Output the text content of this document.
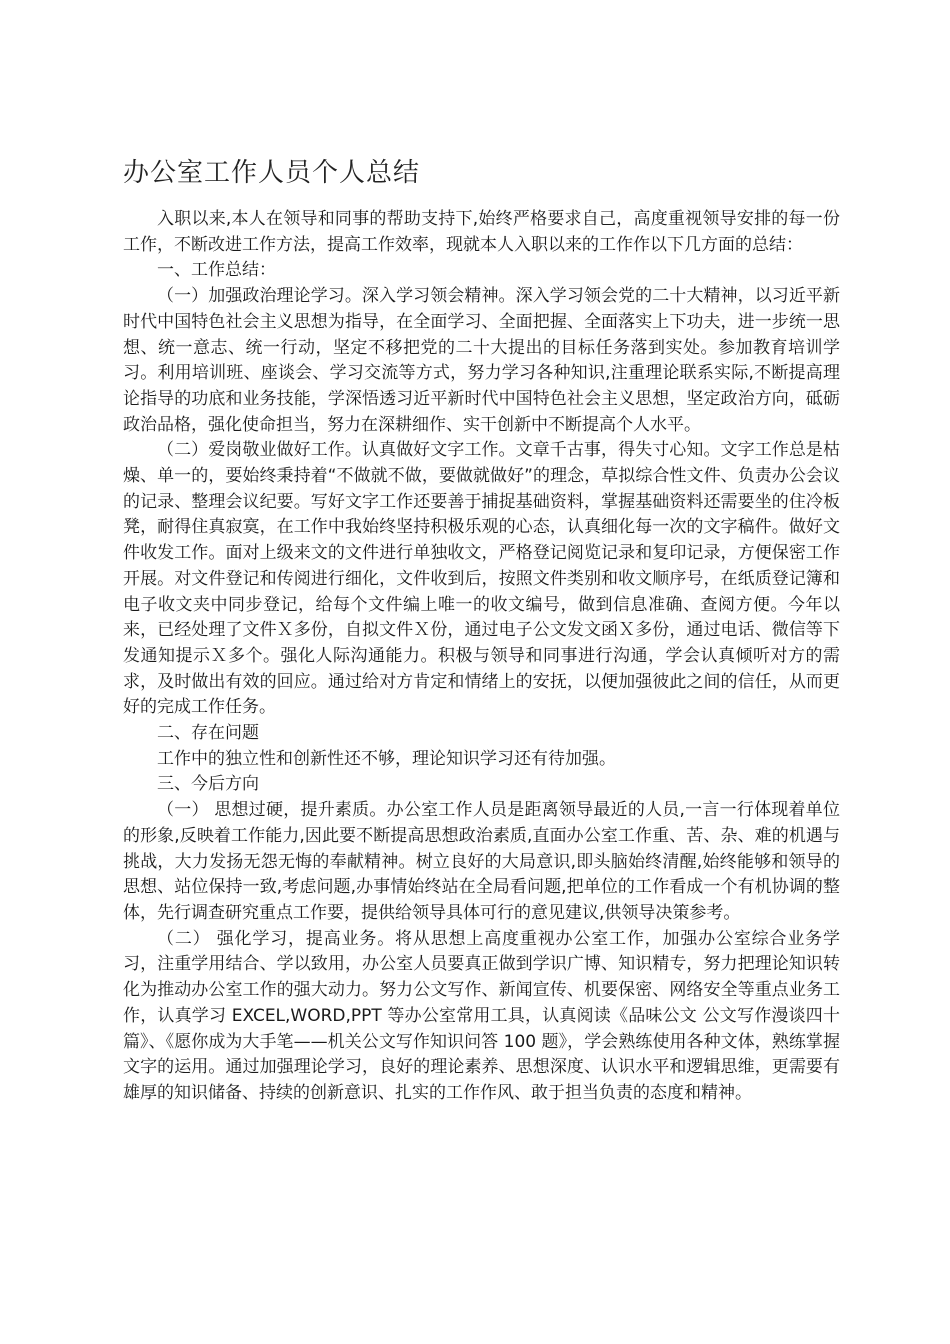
办公室工作人员个人总结

入职以来,本人在领导和同事的帮助支持下,始终严格要求自己，高度重视领导安排的每一份工作，不断改进工作方法，提高工作效率，现就本人入职以来的工作作以下几方面的总结：

一、工作总结：

（一）加强政治理论学习。深入学习领会精神。深入学习领会党的二十大精神，以习近平新时代中国特色社会主义思想为指导，在全面学习、全面把握、全面落实上下功夫，进一步统一思想、统一意志、统一行动，坚定不移把党的二十大提出的目标任务落到实处。参加教育培训学习。利用培训班、座谈会、学习交流等方式，努力学习各种知识,注重理论联系实际,不断提高理论指导的功底和业务技能，学深悟透习近平新时代中国特色社会主义思想，坚定政治方向，砥砺政治品格，强化使命担当，努力在深耕细作、实干创新中不断提高个人水平。

（二）爱岗敬业做好工作。认真做好文字工作。文章千古事，得失寸心知。文字工作总是枯燥、单一的，要始终秉持着“不做就不做，要做就做好”的理念，草拟综合性文件、负责办公会议的记录、整理会议纪要。写好文字工作还要善于捕捉基础资料，掌握基础资料还需要坐的住冷板凳，耐得住真寂寞，在工作中我始终坚持积极乐观的心态，认真细化每一次的文字稿件。做好文件收发工作。面对上级来文的文件进行单独收文，严格登记阅览记录和复印记录，方便保密工作开展。对文件登记和传阅进行细化，文件收到后，按照文件类别和收文顺序号，在纸质登记簿和电子收文夹中同步登记，给每个文件编上唯一的收文编号，做到信息准确、查阅方便。今年以来，已经处理了文件Ｘ多份，自拟文件Ｘ份，通过电子公文发文函Ｘ多份，通过电话、微信等下发通知提示Ｘ多个。强化人际沟通能力。积极与领导和同事进行沟通，学会认真倾听对方的需求，及时做出有效的回应。通过给对方肯定和情绪上的安抚，以便加强彼此之间的信任，从而更好的完成工作任务。

二、存在问题

工作中的独立性和创新性还不够，理论知识学习还有待加强。

三、今后方向

（一） 思想过硬，提升素质。办公室工作人员是距离领导最近的人员,一言一行体现着单位的形象,反映着工作能力,因此要不断提高思想政治素质,直面办公室工作重、苦、杂、难的机遇与挑战，大力发扬无怨无悔的奉献精神。树立良好的大局意识,即头脑始终清醒,始终能够和领导的思想、站位保持一致,考虑问题,办事情始终站在全局看问题,把单位的工作看成一个有机协调的整体，先行调查研究重点工作要，提供给领导具体可行的意见建议,供领导决策参考。

（二） 强化学习，提高业务。将从思想上高度重视办公室工作，加强办公室综合业务学习，注重学用结合、学以致用，办公室人员要真正做到学识广博、知识精专，努力把理论知识转化为推动办公室工作的强大动力。努力公文写作、新闻宣传、机要保密、网络安全等重点业务工作，认真学习 EXCEL,WORD,PPT 等办公室常用工具，认真阅读《品味公文 公文写作漫谈四十篇》、《愿你成为大手笔——机关公文写作知识问答 100 题》，学会熟练使用各种文体，熟练掌握文字的运用。通过加强理论学习，良好的理论素养、思想深度、认识水平和逻辑思维，更需要有雄厚的知识储备、持续的创新意识、扎实的工作作风、敢于担当负责的态度和精神。
